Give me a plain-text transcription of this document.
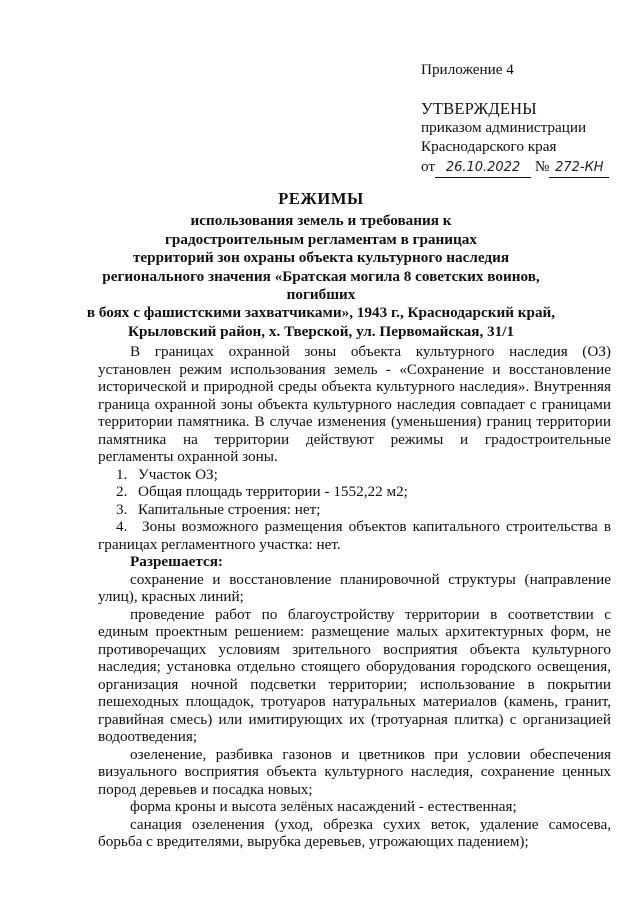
Приложение 4
УТВЕРЖДЕНЫ
приказом администрации
Краснодарского края
от 26.10.2022 № 272-КН
РЕЖИМЫ
использования земель и требования к
градостроительным регламентам в границах
территорий зон охраны объекта культурного наследия
регионального значения «Братская могила 8 советских воинов, погибших
в боях с фашистскими захватчиками», 1943 г., Краснодарский край,
Крыловский район, х. Тверской, ул. Первомайская, 31/1

В границах охранной зоны объекта культурного наследия (ОЗ) установлен режим использования земель - «Сохранение и восстановление исторической и природной среды объекта культурного наследия». Внутренняя граница охранной зоны объекта культурного наследия совпадает с границами территории памятника. В случае изменения (уменьшения) границ территории памятника на территории действуют режимы и градостроительные регламенты охранной зоны.

1. Участок ОЗ;

2. Общая площадь территории - 1552,22 м2;

3. Капитальные строения: нет;

4. Зоны возможного размещения объектов капитального строительства в границах регламентного участка: нет.

Разрешается:

сохранение и восстановление планировочной структуры (направление улиц), красных линий;

проведение работ по благоустройству территории в соответствии с единым проектным решением: размещение малых архитектурных форм, не противоречащих условиям зрительного восприятия объекта культурного наследия; установка отдельно стоящего оборудования городского освещения, организация ночной подсветки территории; использование в покрытии пешеходных площадок, тротуаров натуральных материалов (камень, гранит, гравийная смесь) или имитирующих их (тротуарная плитка) с организацией водоотведения;

озеленение, разбивка газонов и цветников при условии обеспечения визуального восприятия объекта культурного наследия, сохранение ценных пород деревьев и посадка новых;

форма кроны и высота зелёных насаждений - естественная;

санация озеленения (уход, обрезка сухих веток, удаление самосева, борьба с вредителями, вырубка деревьев, угрожающих падением);
